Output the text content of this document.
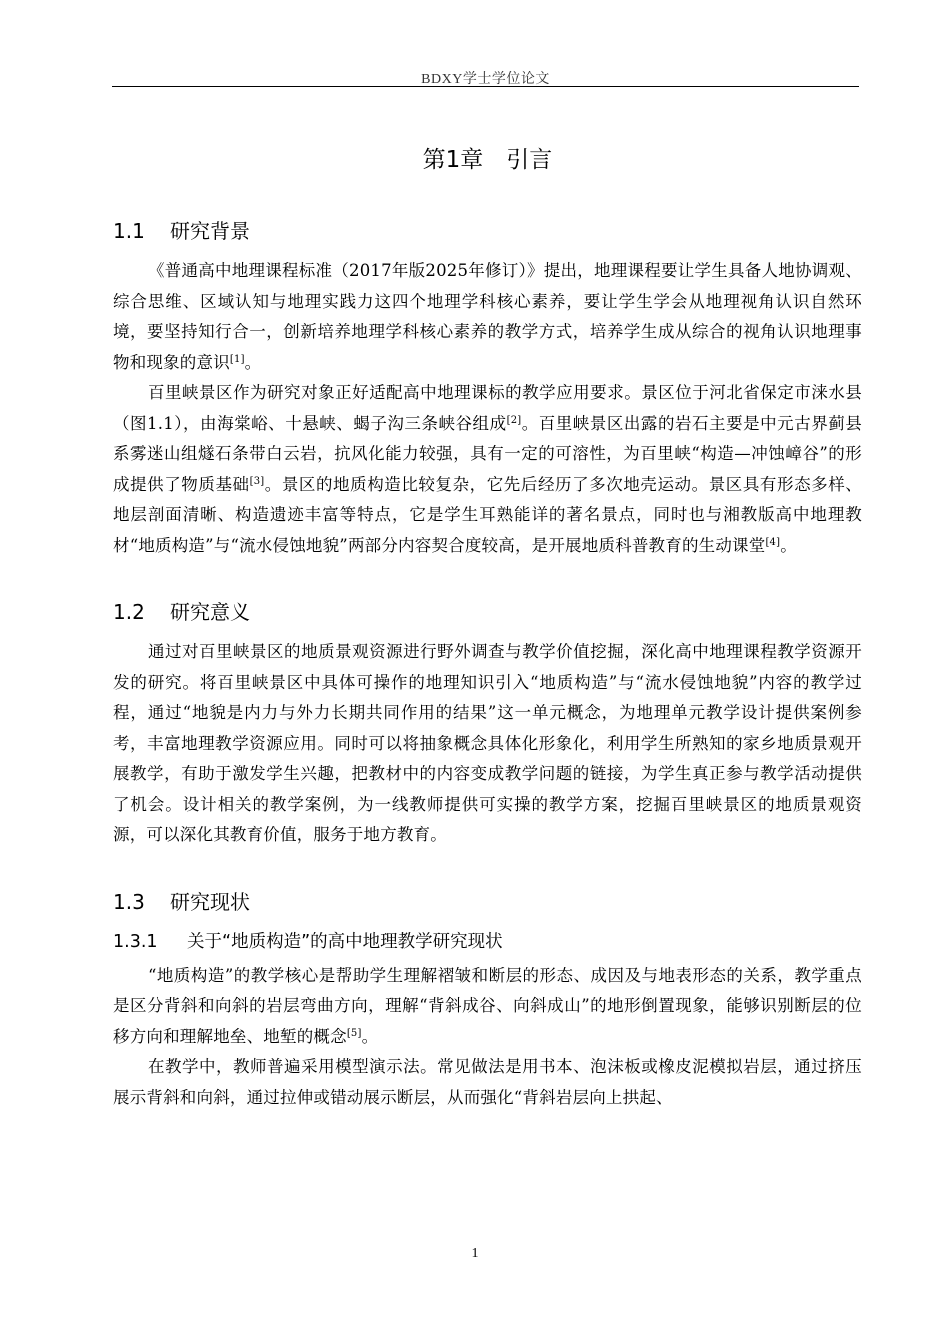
BDXY学士学位论文
第1章　引言
1.1 研究背景

《普通高中地理课程标准（2017年版2025年修订）》提出，地理课程要让学生具备人地协调观、综合思维、区域认知与地理实践力这四个地理学科核心素养，要让学生学会从地理视角认识自然环境，要坚持知行合一，创新培养地理学科核心素养的教学方式，培养学生成从综合的视角认识地理事物和现象的意识[1]。

百里峡景区作为研究对象正好适配高中地理课标的教学应用要求。景区位于河北省保定市涞水县（图1.1），由海棠峪、十悬峡、蝎子沟三条峡谷组成[2]。百里峡景区出露的岩石主要是中元古界蓟县系雾迷山组燧石条带白云岩，抗风化能力较强，具有一定的可溶性，为百里峡“构造—冲蚀嶂谷”的形成提供了物质基础[3]。景区的地质构造比较复杂，它先后经历了多次地壳运动。景区具有形态多样、地层剖面清晰、构造遗迹丰富等特点，它是学生耳熟能详的著名景点，同时也与湘教版高中地理教材“地质构造”与“流水侵蚀地貌”两部分内容契合度较高，是开展地质科普教育的生动课堂[4]。

1.2 研究意义

通过对百里峡景区的地质景观资源进行野外调查与教学价值挖掘，深化高中地理课程教学资源开发的研究。将百里峡景区中具体可操作的地理知识引入“地质构造”与“流水侵蚀地貌”内容的教学过程，通过“地貌是内力与外力长期共同作用的结果”这一单元概念，为地理单元教学设计提供案例参考，丰富地理教学资源应用。同时可以将抽象概念具体化形象化，利用学生所熟知的家乡地质景观开展教学，有助于激发学生兴趣，把教材中的内容变成教学问题的链接，为学生真正参与教学活动提供了机会。设计相关的教学案例，为一线教师提供可实操的教学方案，挖掘百里峡景区的地质景观资源，可以深化其教育价值，服务于地方教育。

1.3 研究现状
1.3.1 关于“地质构造”的高中地理教学研究现状

“地质构造”的教学核心是帮助学生理解褶皱和断层的形态、成因及与地表形态的关系，教学重点是区分背斜和向斜的岩层弯曲方向，理解“背斜成谷、向斜成山”的地形倒置现象，能够识别断层的位移方向和理解地垒、地堑的概念[5]。

在教学中，教师普遍采用模型演示法。常见做法是用书本、泡沫板或橡皮泥模拟岩层，通过挤压展示背斜和向斜，通过拉伸或错动展示断层，从而强化“背斜岩层向上拱起、

1
